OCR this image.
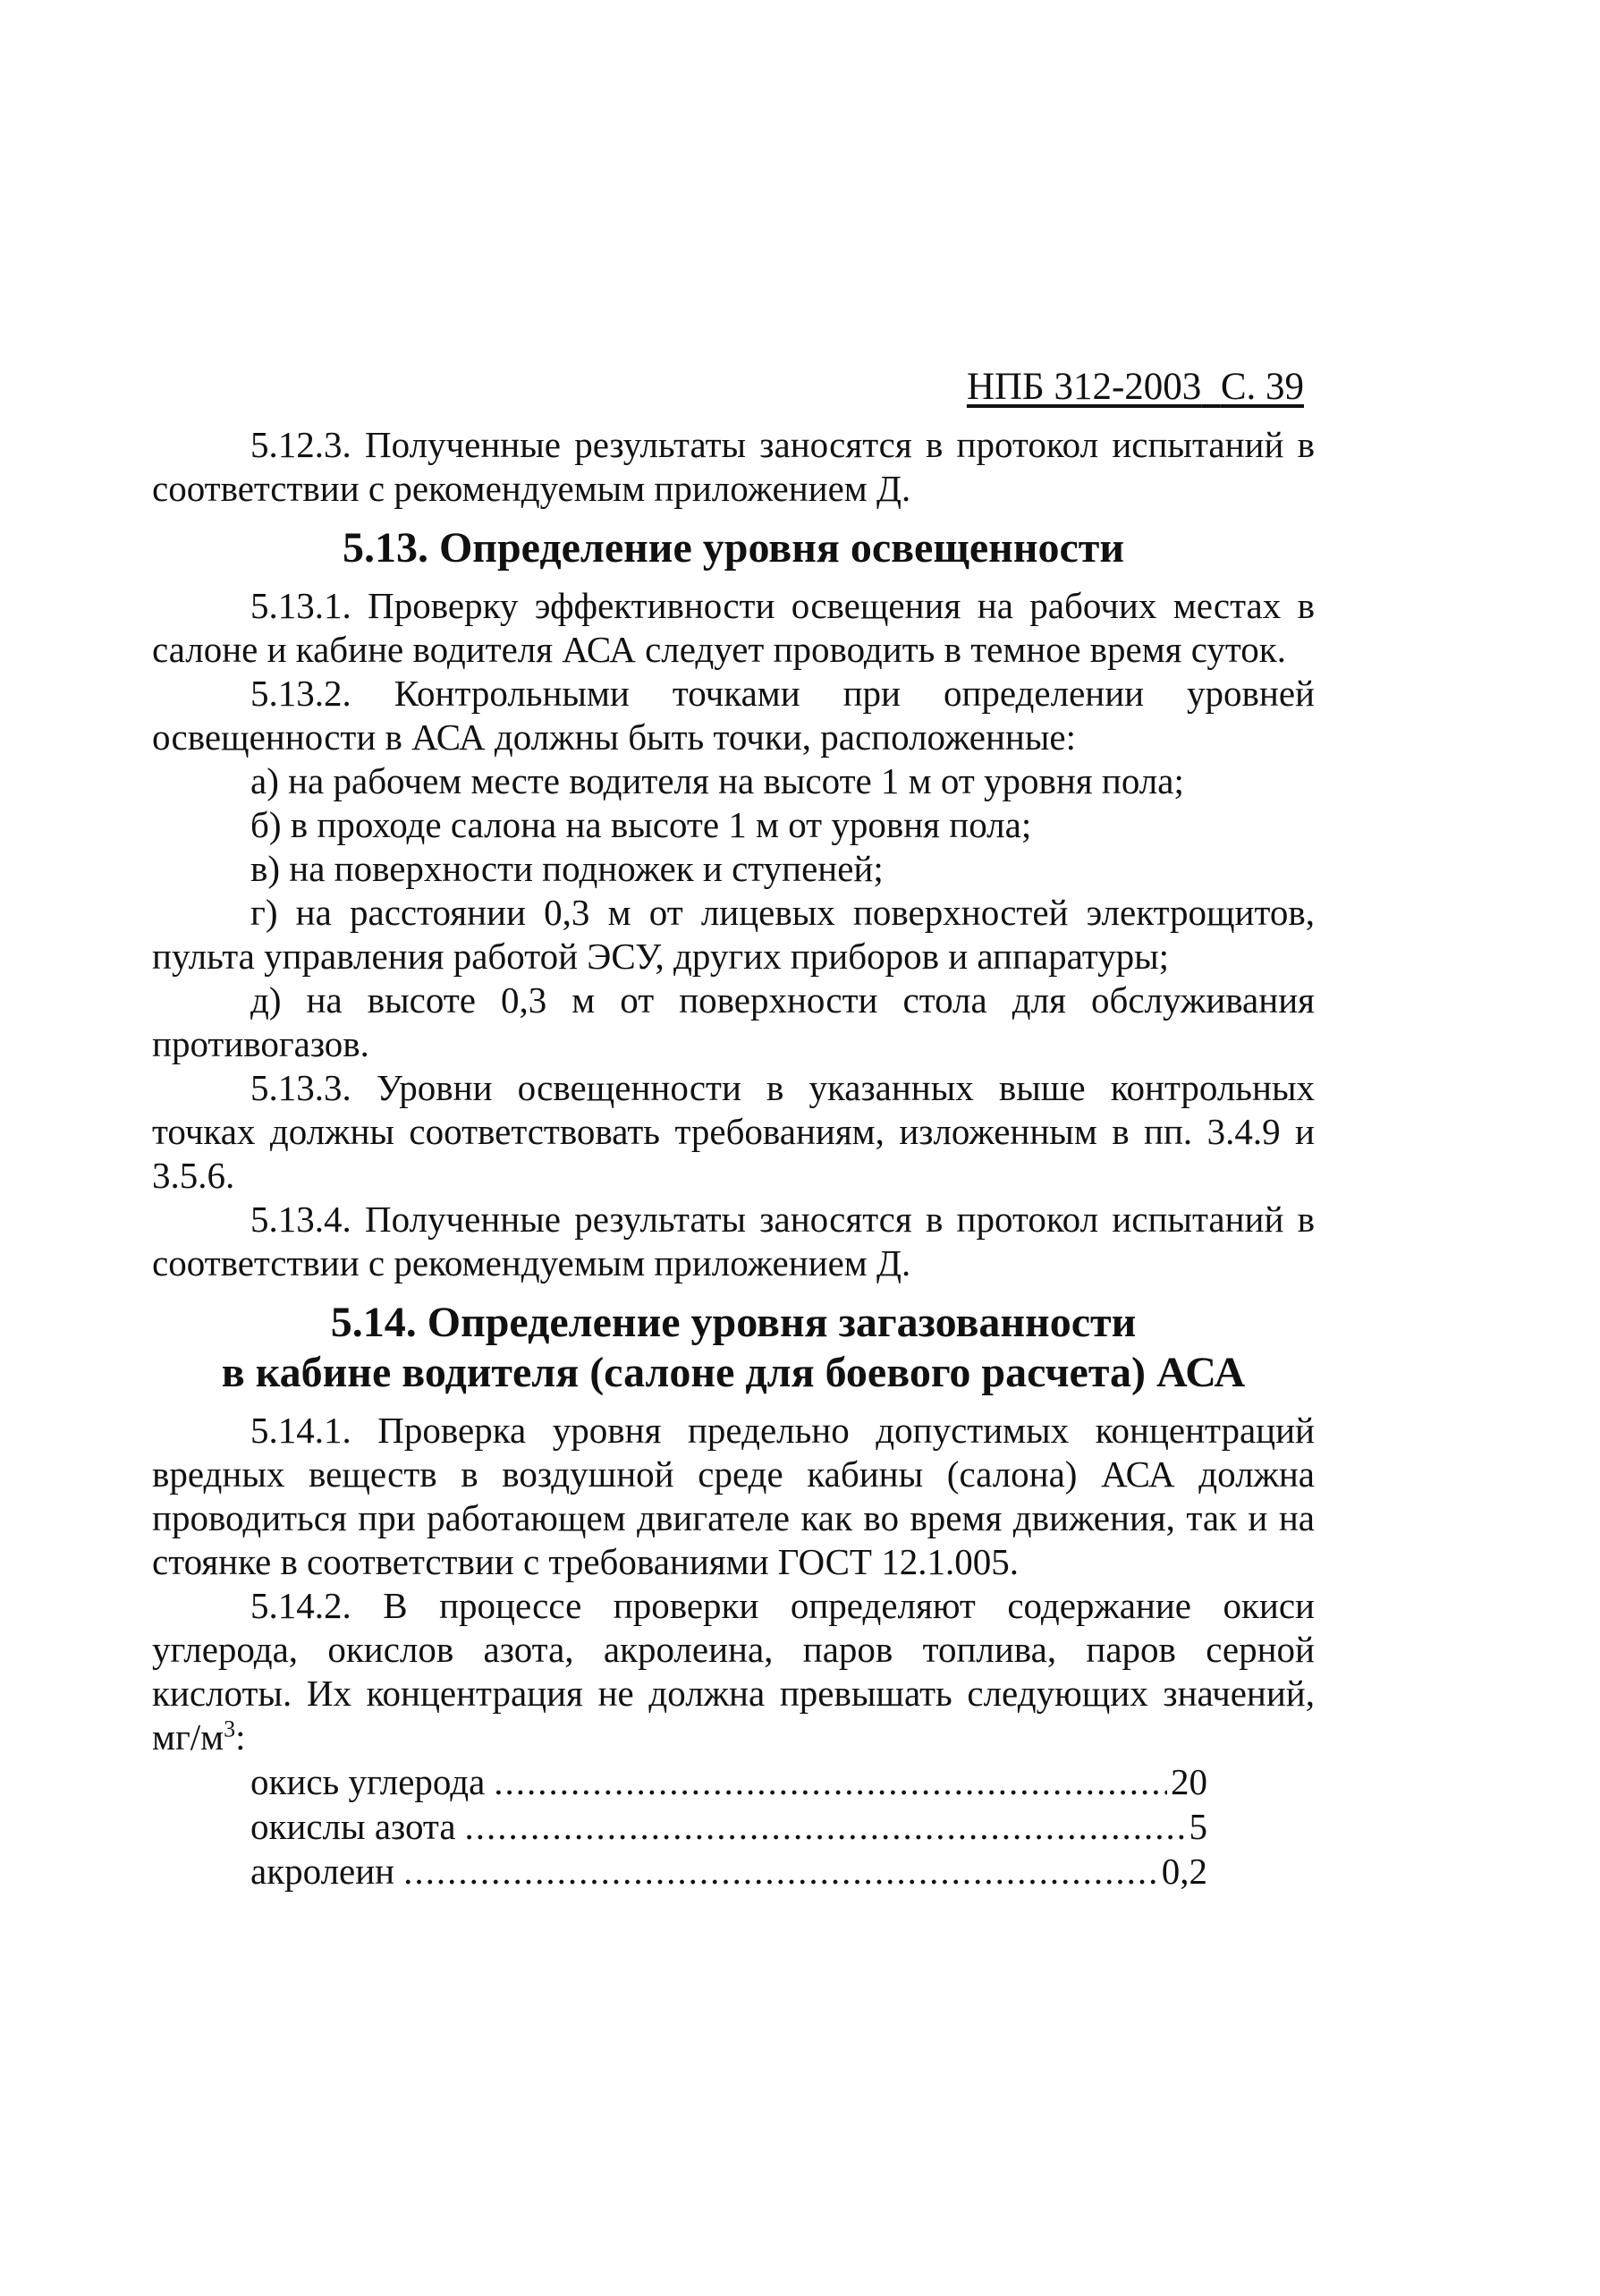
НПБ 312-2003 С. 39

5.12.3. Полученные результаты заносятся в протокол испытаний в соответствии с рекомендуемым приложением Д.

5.13. Определение уровня освещенности

5.13.1. Проверку эффективности освещения на рабочих местах в салоне и кабине водителя АСА следует проводить в темное время суток.

5.13.2. Контрольными точками при определении уровней освещенности в АСА должны быть точки, расположенные:

а) на рабочем месте водителя на высоте 1 м от уровня пола;

б) в проходе салона на высоте 1 м от уровня пола;

в) на поверхности подножек и ступеней;

г) на расстоянии 0,3 м от лицевых поверхностей электрощитов, пульта управления работой ЭСУ, других приборов и аппаратуры;

д) на высоте 0,3 м от поверхности стола для обслуживания противогазов.

5.13.3. Уровни освещенности в указанных выше контрольных точках должны соответствовать требованиям, изложенным в пп. 3.4.9 и 3.5.6.

5.13.4. Полученные результаты заносятся в протокол испытаний в соответствии с рекомендуемым приложением Д.

5.14. Определение уровня загазованности
в кабине водителя (салоне для боевого расчета) АСА

5.14.1. Проверка уровня предельно допустимых концентраций вредных веществ в воздушной среде кабины (салона) АСА должна проводиться при работающем двигателе как во время движения, так и на стоянке в соответствии с требованиями ГОСТ 12.1.005.

5.14.2. В процессе проверки определяют содержание окиси углерода, окислов азота, акролеина, паров топлива, паров серной кислоты. Их концентрация не должна превышать следующих значений, $мг/м^3$:

окись углерода .....	20
окислы азота .....	5
акролеин .....	0,2
